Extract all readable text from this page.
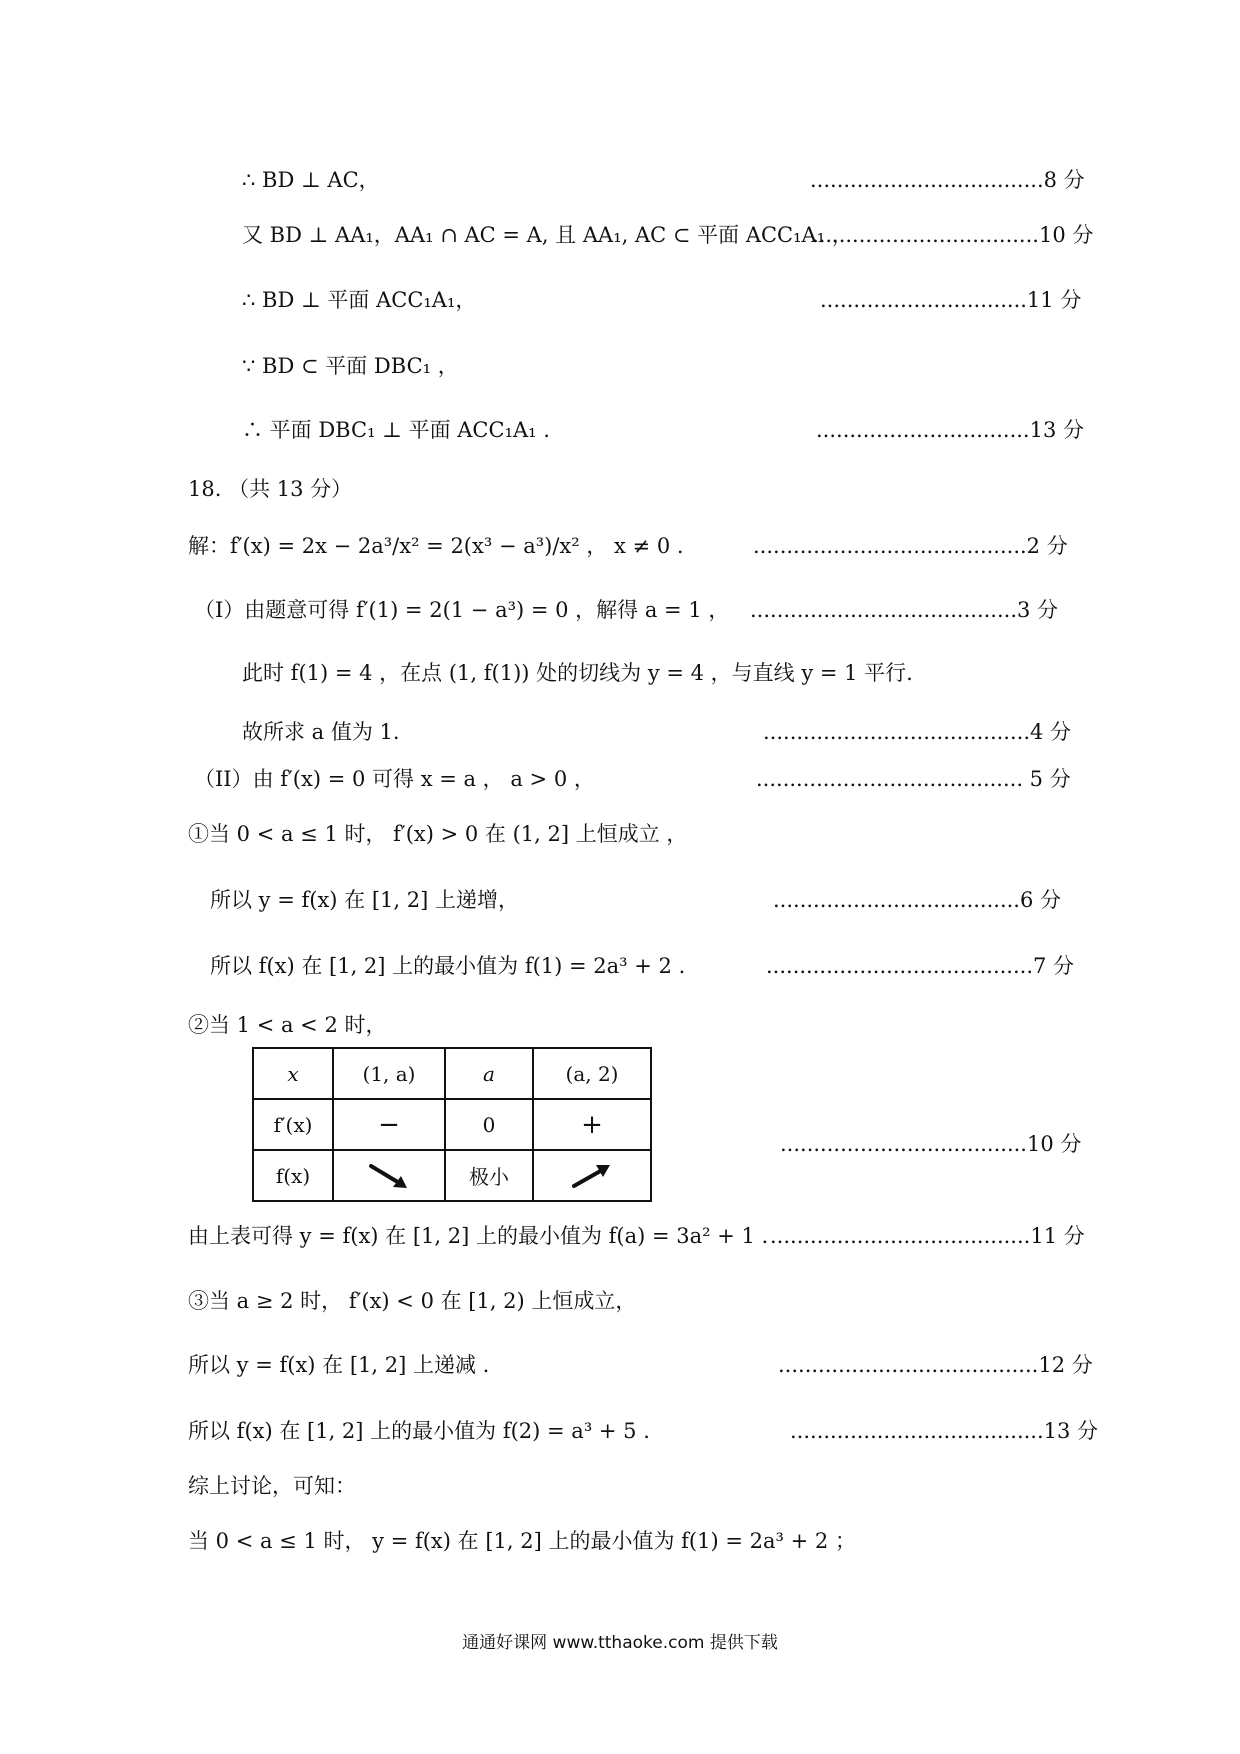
∴ BD ⊥ AC，	...................................8 分
又 BD ⊥ AA₁，AA₁ ∩ AC = A, 且 AA₁, AC ⊂ 平面 ACC₁A₁ ，
..................................10 分
∴ BD ⊥ 平面 ACC₁A₁，	...............................11 分
∵ BD ⊂ 平面 DBC₁ ，
∴ 平面 DBC₁ ⊥ 平面 ACC₁A₁ .	................................13 分
18. （共 13 分）
解：f′(x) = 2x − 2a³/x² = 2(x³ − a³)/x² ， x ≠ 0 .	.........................................2 分
（I）由题意可得 f′(1) = 2(1 − a³) = 0 ，解得 a = 1 ， ........................................3 分
此时 f(1) = 4 ，在点 (1, f(1)) 处的切线为 y = 4 ，与直线 y = 1 平行.
故所求 a 值为 1.	........................................4 分
（II）由 f′(x) = 0 可得 x = a ， a > 0 ，	........................................ 5 分
①当 0 < a ≤ 1 时， f′(x) > 0 在 (1, 2] 上恒成立 ，
所以 y = f(x) 在 [1, 2] 上递增，	.....................................6 分
所以 f(x) 在 [1, 2] 上的最小值为 f(1) = 2a³ + 2 .	........................................7 分
②当 1 < a < 2 时，
x	(1, a)	a	(a, 2)
f′(x)	−	0	+
f(x)		极小	
.....................................10 分
由上表可得 y = f(x) 在 [1, 2] 上的最小值为 f(a) = 3a² + 1 . .......................................11 分
③当 a ≥ 2 时， f′(x) < 0 在 [1, 2) 上恒成立，
所以 y = f(x) 在 [1, 2] 上递减 .	.......................................12 分
所以 f(x) 在 [1, 2] 上的最小值为 f(2) = a³ + 5 .	......................................13 分
综上讨论，可知：
当 0 < a ≤ 1 时， y = f(x) 在 [1, 2] 上的最小值为 f(1) = 2a³ + 2 ；
通通好课网 www.tthaoke.com 提供下载
